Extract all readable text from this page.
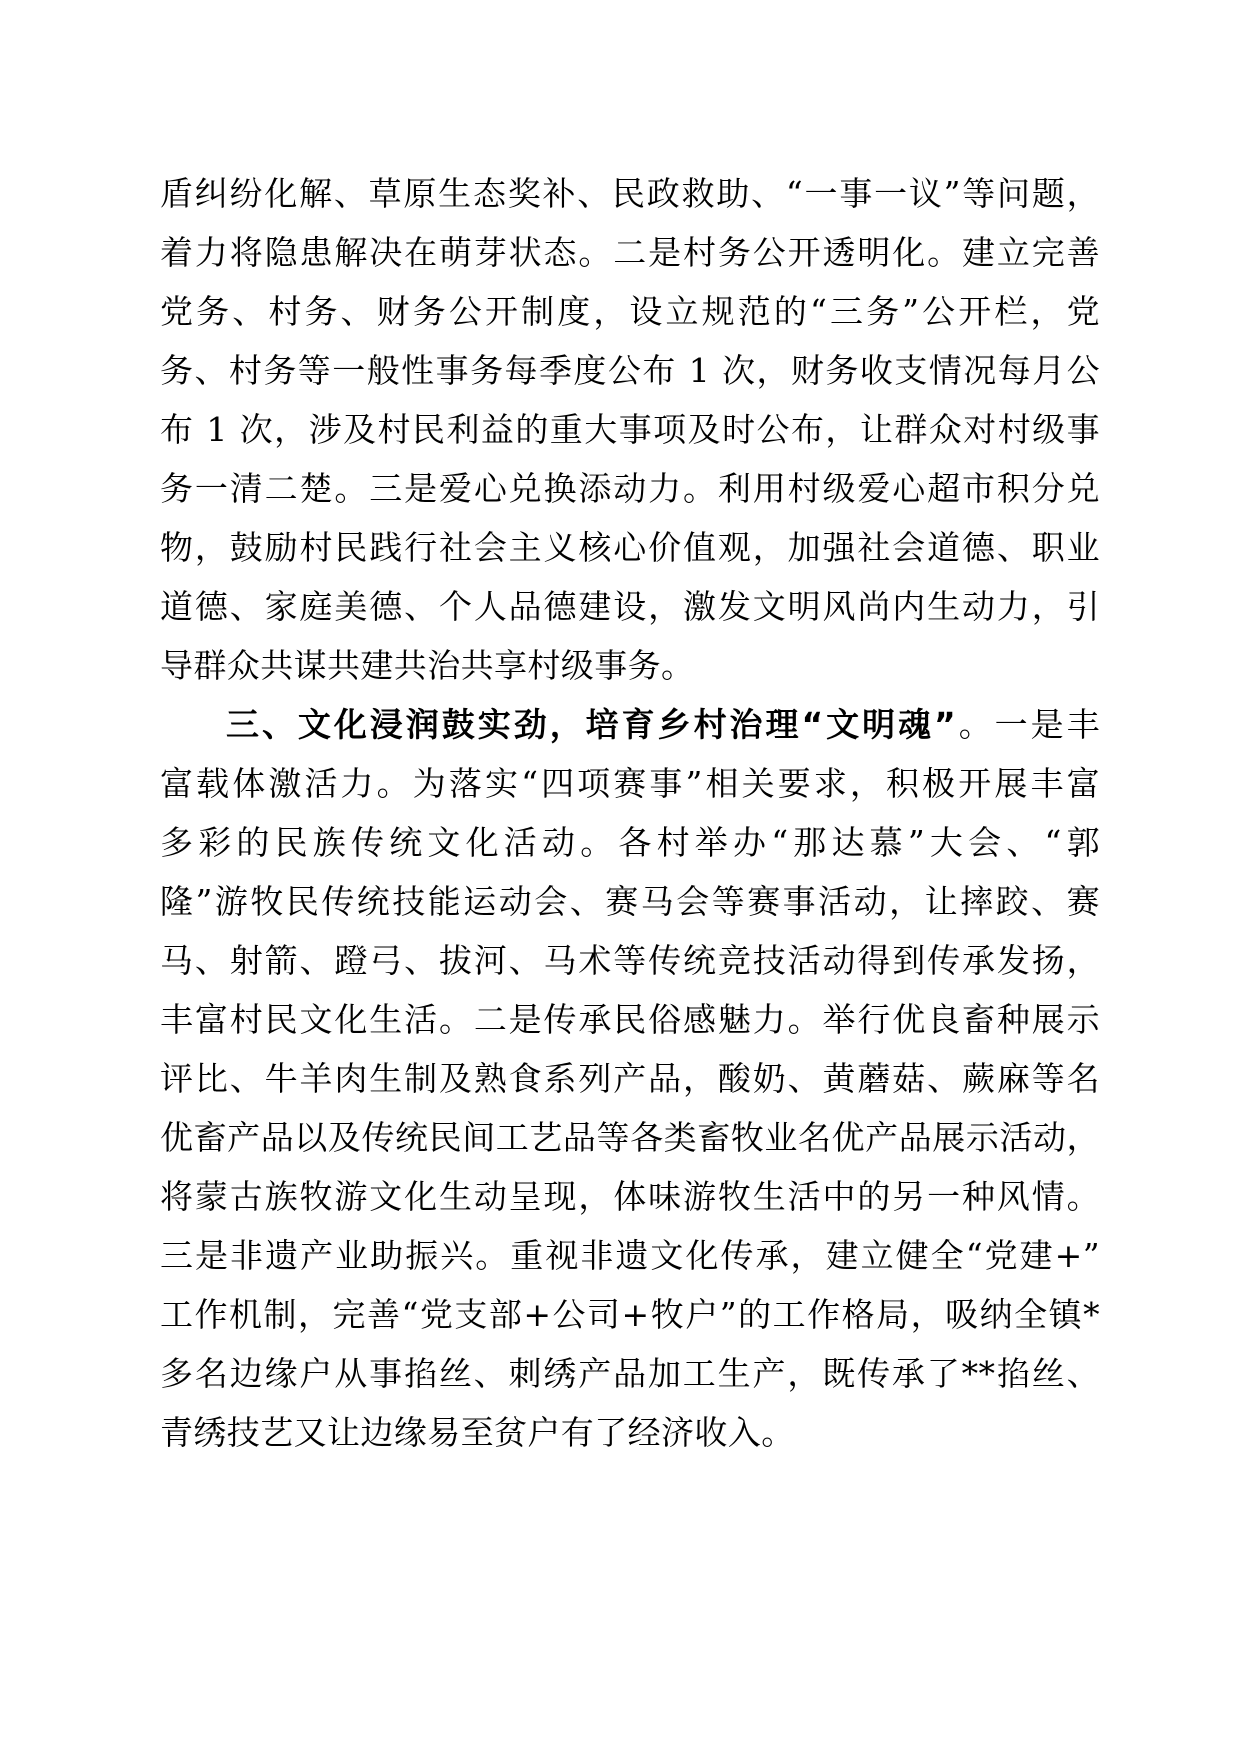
盾纠纷化解、草原生态奖补、民政救助、“一事一议”等问题，
着力将隐患解决在萌芽状态。二是村务公开透明化。建立完善
党务、村务、财务公开制度，设立规范的“三务”公开栏，党
务、村务等一般性事务每季度公布 1 次，财务收支情况每月公
布 1 次，涉及村民利益的重大事项及时公布，让群众对村级事
务一清二楚。三是爱心兑换添动力。利用村级爱心超市积分兑
物，鼓励村民践行社会主义核心价值观，加强社会道德、职业
道德、家庭美德、个人品德建设，激发文明风尚内生动力，引
导群众共谋共建共治共享村级事务。
三、文化浸润鼓实劲，培育乡村治理“文明魂”。一是丰
富载体激活力。为落实“四项赛事”相关要求，积极开展丰富
多彩的民族传统文化活动。各村举办“那达慕”大会、“郭
隆”游牧民传统技能运动会、赛马会等赛事活动，让摔跤、赛
马、射箭、蹬弓、拔河、马术等传统竞技活动得到传承发扬，
丰富村民文化生活。二是传承民俗感魅力。举行优良畜种展示
评比、牛羊肉生制及熟食系列产品，酸奶、黄蘑菇、蕨麻等名
优畜产品以及传统民间工艺品等各类畜牧业名优产品展示活动，
将蒙古族牧游文化生动呈现，体味游牧生活中的另一种风情。
三是非遗产业助振兴。重视非遗文化传承，建立健全“党建+”
工作机制，完善“党支部+公司+牧户”的工作格局，吸纳全镇*
多名边缘户从事掐丝、刺绣产品加工生产，既传承了**掐丝、
青绣技艺又让边缘易至贫户有了经济收入。
